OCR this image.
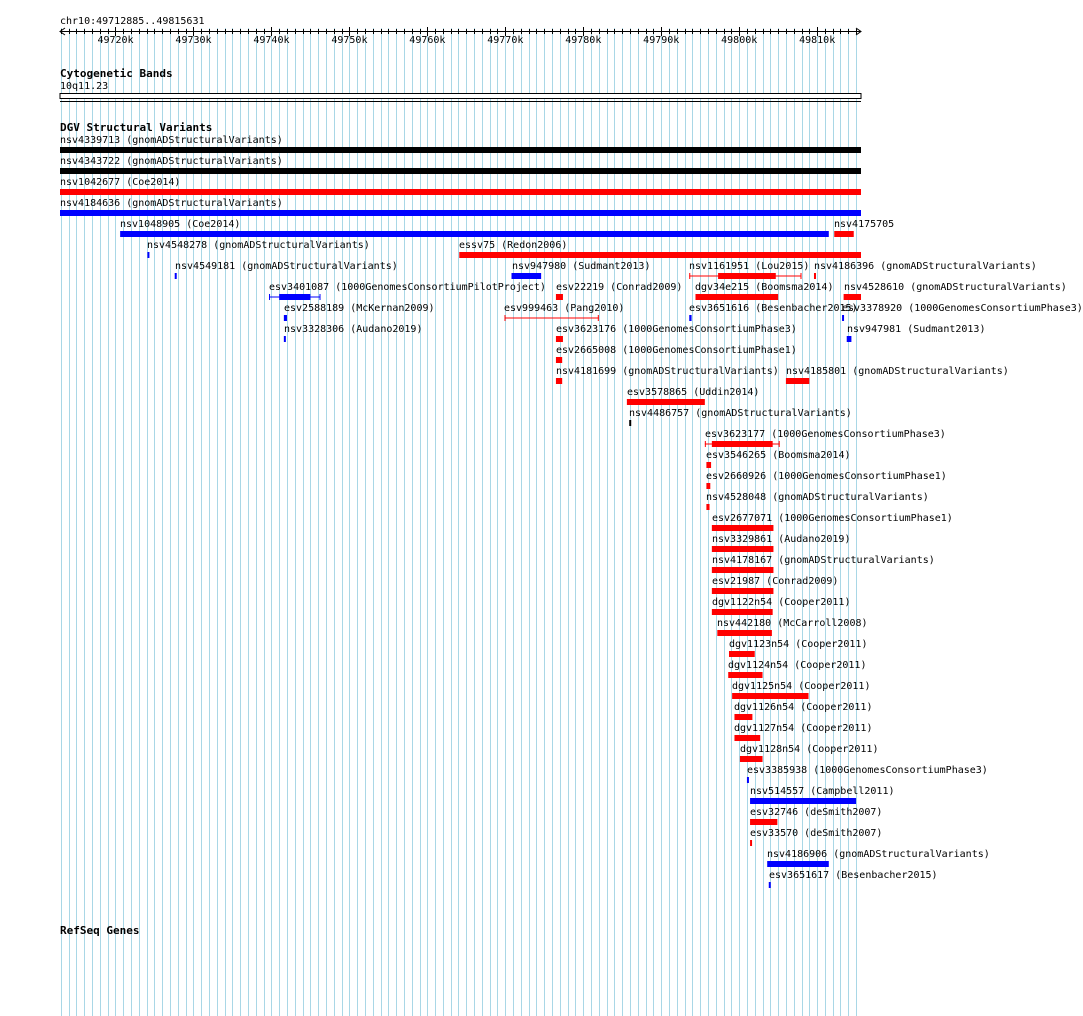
chr10:49712885..49815631
Cytogenetic Bands
10q11.23
DGV Structural Variants
nsv4339713 (gnomADStructuralVariants)
nsv4343722 (gnomADStructuralVariants)
nsv1042677 (Coe2014)
nsv4184636 (gnomADStructuralVariants)
nsv1048905 (Coe2014)	nsv4175705
nsv4548278 (gnomADStructuralVariants)	essv75 (Redon2006)
nsv4549181 (gnomADStructuralVariants)	nsv947980 (Sudmant2013)	nsv1161951 (Lou2015) nsv4186396 (gnomADStructuralVariants)
esv3401087 (1000GenomesConsortiumPilotProject) esv22219 (Conrad2009) dgv34e215 (Boomsma2014) nsv4528610 (gnomADStructuralVariants)
esv2588189 (McKernan2009)	esv999463 (Pang2010)	esv3651616 (Besenbacher2015)
esv3378920 (1000GenomesConsortiumPhase3)
nsv3328306 (Audano2019)	esv3623176 (1000GenomesConsortiumPhase3)	nsv947981 (Sudmant2013)
esv2665008 (1000GenomesConsortiumPhase1)
nsv4181699 (gnomADStructuralVariants) nsv4185801 (gnomADStructuralVariants)
esv3578865 (Uddin2014)
nsv4486757 (gnomADStructuralVariants)
esv3623177 (1000GenomesConsortiumPhase3)
esv3546265 (Boomsma2014)
esv2660926 (1000GenomesConsortiumPhase1)
nsv4528048 (gnomADStructuralVariants)
esv2677071 (1000GenomesConsortiumPhase1)
nsv3329861 (Audano2019)
nsv4178167 (gnomADStructuralVariants)
esv21987 (Conrad2009)
dgv1122n54 (Cooper2011)
nsv442180 (McCarroll2008)
dgv1123n54 (Cooper2011)
dgv1124n54 (Cooper2011)
dgv1125n54 (Cooper2011)
dgv1126n54 (Cooper2011)
dgv1127n54 (Cooper2011)
dgv1128n54 (Cooper2011)
esv3385938 (1000GenomesConsortiumPhase3)
nsv514557 (Campbell2011)
esv32746 (deSmith2007)
esv33570 (deSmith2007)
nsv4186906 (gnomADStructuralVariants)
esv3651617 (Besenbacher2015)
RefSeq Genes
49720k	49730k	49740k	49750k	49760k	49770k	49780k	49790k	49800k	49810k
